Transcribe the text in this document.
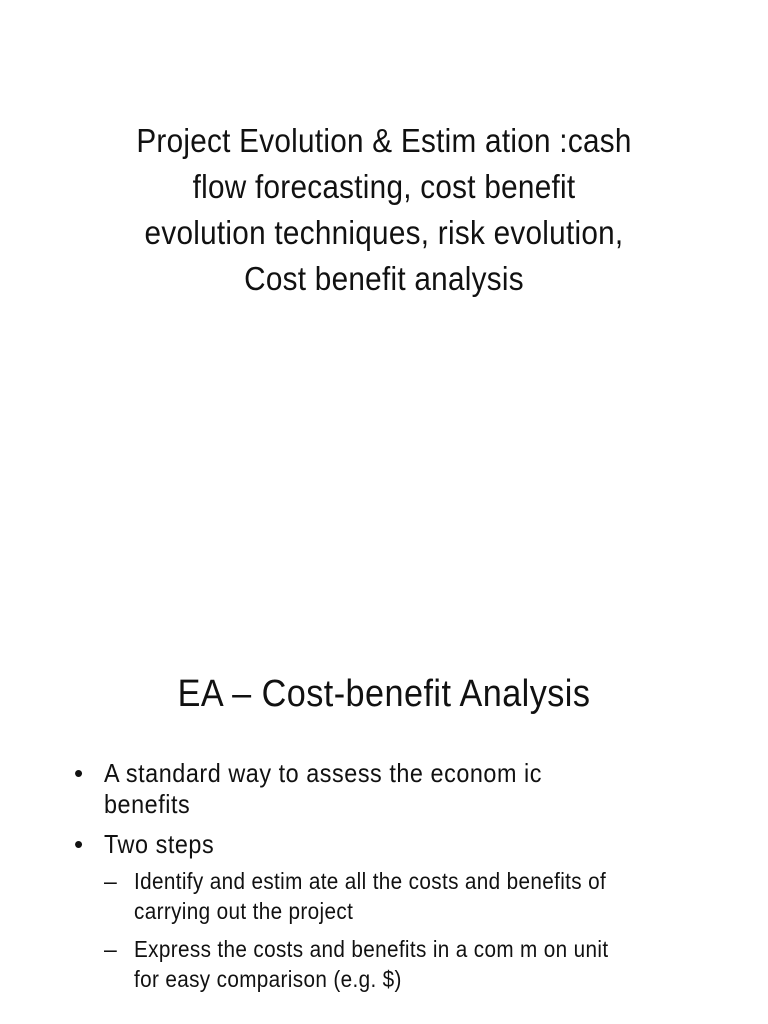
Project Evolution & Estim ation :cash
flow forecasting, cost benefit
evolution techniques, risk evolution,
Cost benefit analysis
EA – Cost-benefit Analysis
• A standard way to assess the econom ic
benefits
• Two steps
– Identify and estim ate all the costs and benefits of
carrying out the project
– Express the costs and benefits in a com m on unit
for easy comparison (e.g. $)
